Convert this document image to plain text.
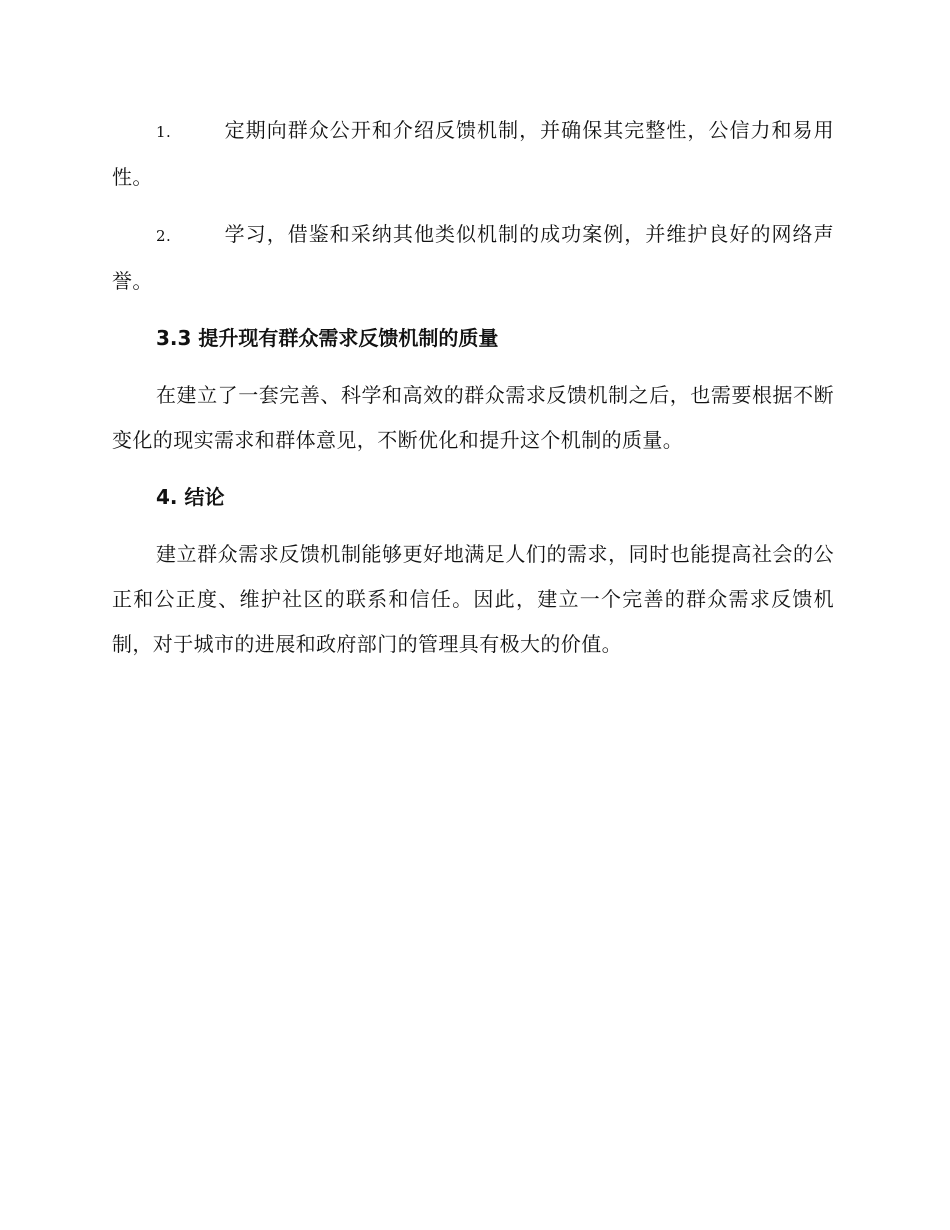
1.	定期向群众公开和介绍反馈机制，并确保其完整性，公信力和易用性。

2.	学习，借鉴和采纳其他类似机制的成功案例，并维护良好的网络声誉。

3.3 提升现有群众需求反馈机制的质量

在建立了一套完善、科学和高效的群众需求反馈机制之后，也需要根据不断变化的现实需求和群体意见，不断优化和提升这个机制的质量。

4. 结论

建立群众需求反馈机制能够更好地满足人们的需求，同时也能提高社会的公正和公正度、维护社区的联系和信任。因此，建立一个完善的群众需求反馈机制，对于城市的进展和政府部门的管理具有极大的价值。
